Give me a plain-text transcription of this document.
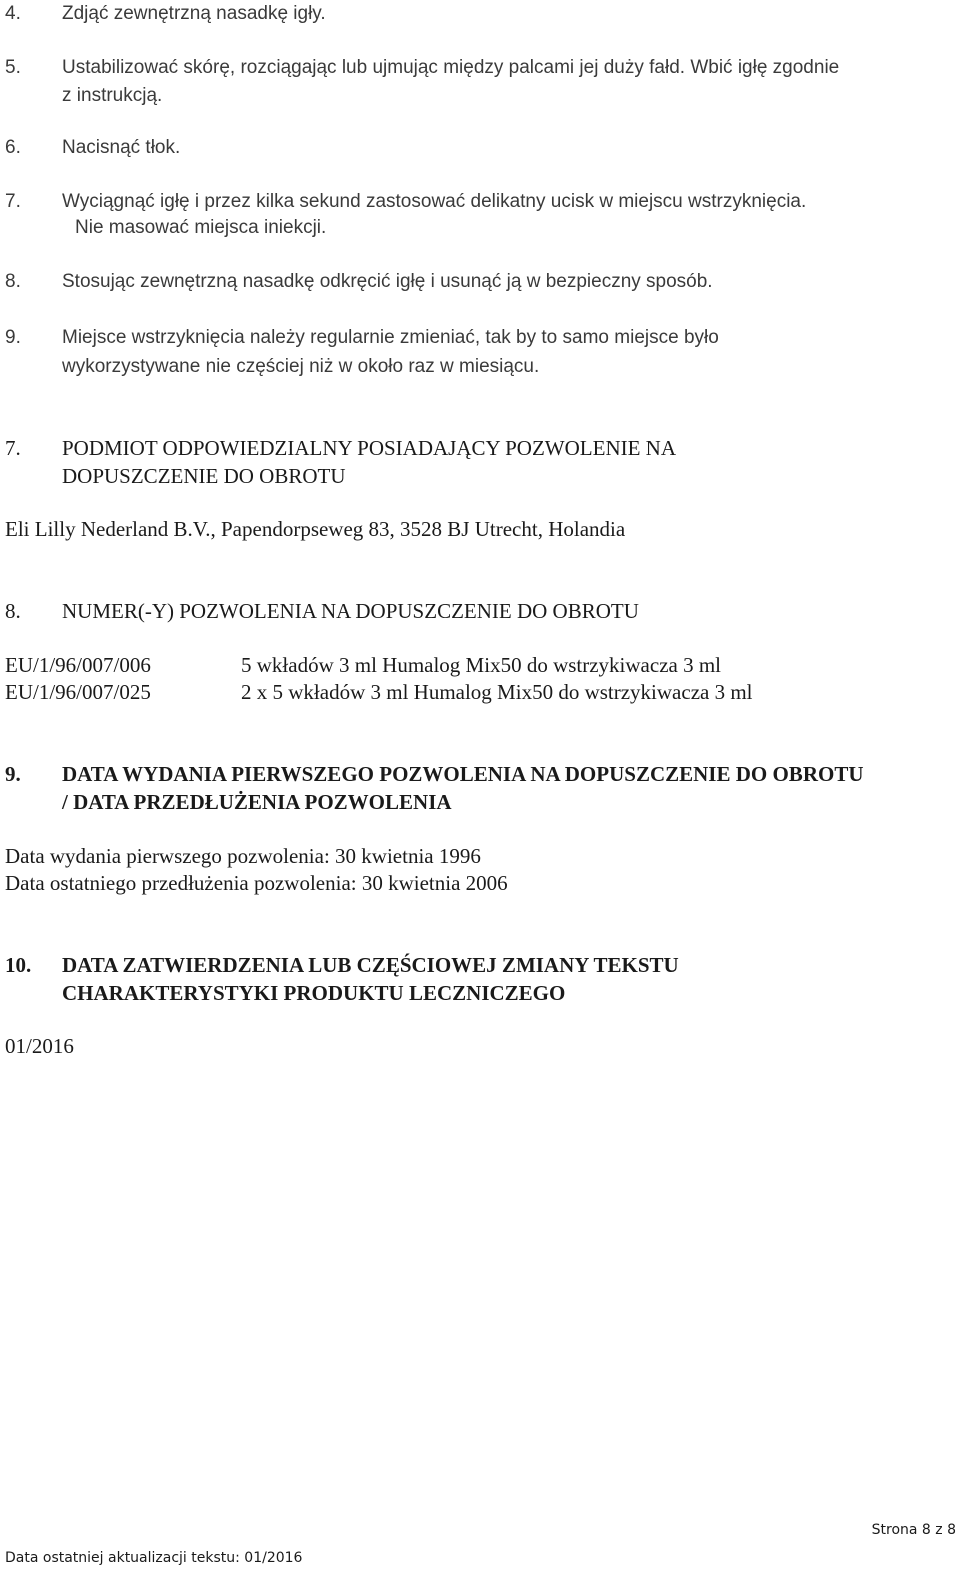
4. Zdjąć zewnętrzną nasadkę igły.
5. Ustabilizować skórę, rozciągając lub ujmując między palcami jej duży fałd. Wbić igłę zgodnie
z instrukcją.
6. Nacisnąć tłok.
7. Wyciągnąć igłę i przez kilka sekund zastosować delikatny ucisk w miejscu wstrzyknięcia.
Nie masować miejsca iniekcji.
8. Stosując zewnętrzną nasadkę odkręcić igłę i usunąć ją w bezpieczny sposób.
9. Miejsce wstrzyknięcia należy regularnie zmieniać, tak by to samo miejsce było
wykorzystywane nie częściej niż w około raz w miesiącu.
7. PODMIOT ODPOWIEDZIALNY POSIADAJĄCY POZWOLENIE NA
DOPUSZCZENIE DO OBROTU
Eli Lilly Nederland B.V., Papendorpseweg 83, 3528 BJ Utrecht, Holandia
8. NUMER(-Y) POZWOLENIA NA DOPUSZCZENIE DO OBROTU
EU/1/96/007/006	5 wkładów 3 ml Humalog Mix50 do wstrzykiwacza 3 ml
EU/1/96/007/025	2 x 5 wkładów 3 ml Humalog Mix50 do wstrzykiwacza 3 ml
9. DATA WYDANIA PIERWSZEGO POZWOLENIA NA DOPUSZCZENIE DO OBROTU
/ DATA PRZEDŁUŻENIA POZWOLENIA
Data wydania pierwszego pozwolenia: 30 kwietnia 1996
Data ostatniego przedłużenia pozwolenia: 30 kwietnia 2006
10. DATA ZATWIERDZENIA LUB CZĘŚCIOWEJ ZMIANY TEKSTU
CHARAKTERYSTYKI PRODUKTU LECZNICZEGO
01/2016
Strona 8 z 8
Data ostatniej aktualizacji tekstu: 01/2016
